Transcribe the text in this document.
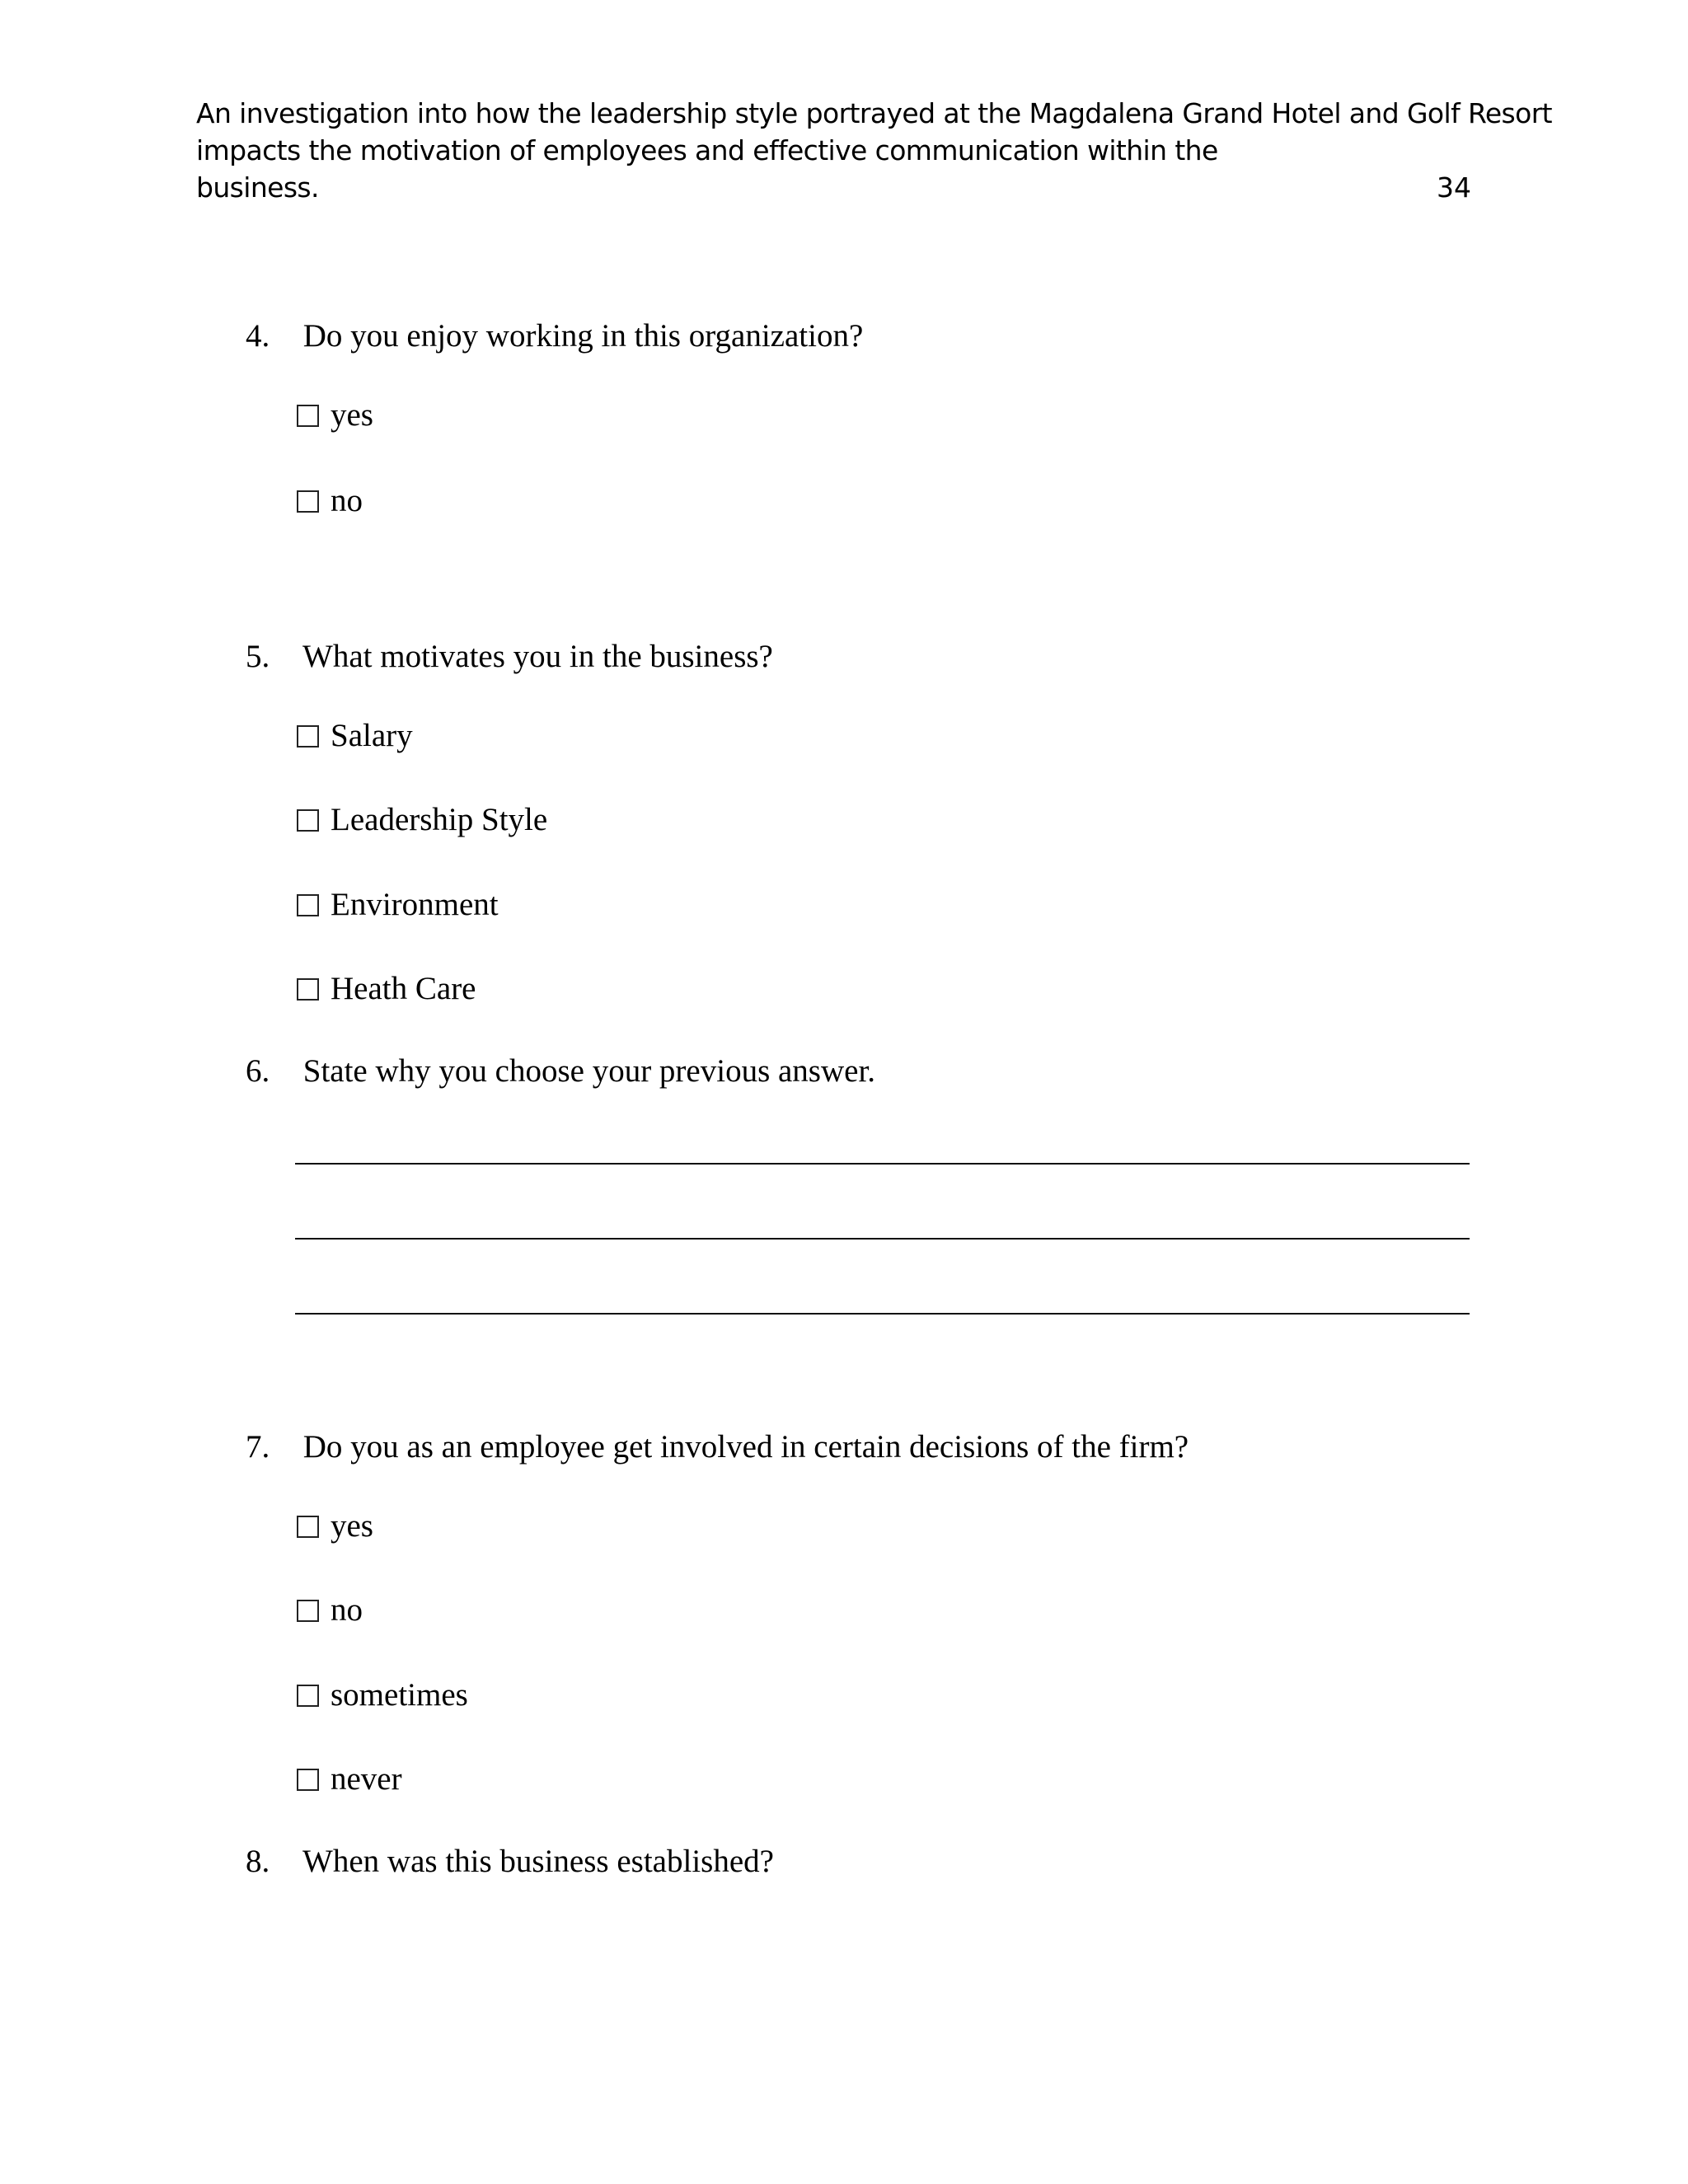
An investigation into how the leadership style portrayed at the Magdalena Grand Hotel and Golf Resort
impacts the motivation of employees and effective communication within the
business.	34
4. Do you enjoy working in this organization?
yes
no
5. What motivates you in the business?
Salary
Leadership Style
Environment
Heath Care
6. State why you choose your previous answer.
7. Do you as an employee get involved in certain decisions of the firm?
yes
no
sometimes
never
8. When was this business established?
